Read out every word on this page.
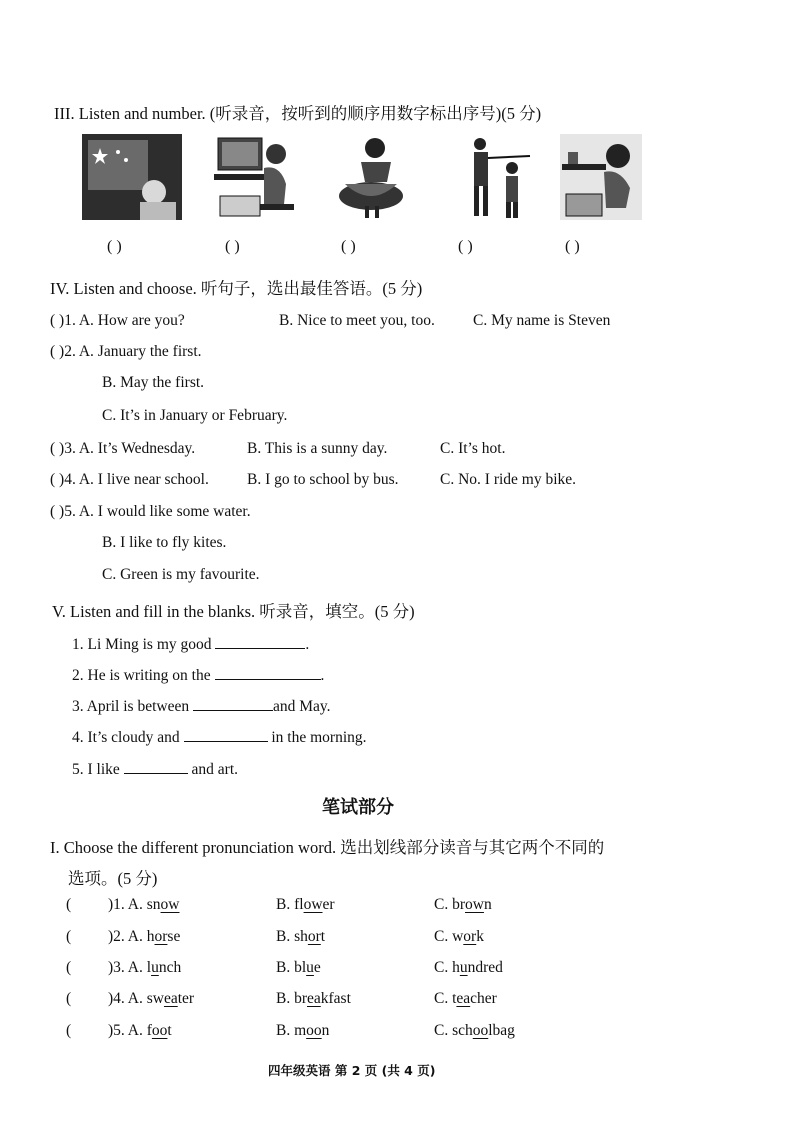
III. Listen and number. (听录音，按听到的顺序用数字标出序号)(5 分)
( )	( )	( )	( )	( )
IV. Listen and choose. 听句子，选出最佳答语。(5 分)
( )1. A. How are you?	B. Nice to meet you, too. C. My name is Steven
( )2. A. January the first.
B. May the first.
C. It’s in January or February.
( )3. A. It’s Wednesday.	B. This is a sunny day.	C. It’s hot.
( )4. A. I live near school. B. I go to school by bus.	C. No. I ride my bike.
( )5. A. I would like some water.
B. I like to fly kites.
C. Green is my favourite.
V. Listen and fill in the blanks. 听录音，填空。(5 分)
1. Li Ming is my good	.
2. He is writing on the	.
3. April is between	and May.
4. It’s cloudy and	in the morning.
5. I like	and art.
笔试部分
I. Choose the different pronunciation word. 选出划线部分读音与其它两个不同的
选项。(5 分)
( )1. A. snow	B. flower	C. brown
( )2. A. horse	B. short	C. work
( )3. A. lunch	B. blue	C. hundred
( )4. A. sweater	B. breakfast	C. teacher
( )5. A. foot	B. moon	C. schoolbag
四年级英语 第 2 页 (共 4 页)
